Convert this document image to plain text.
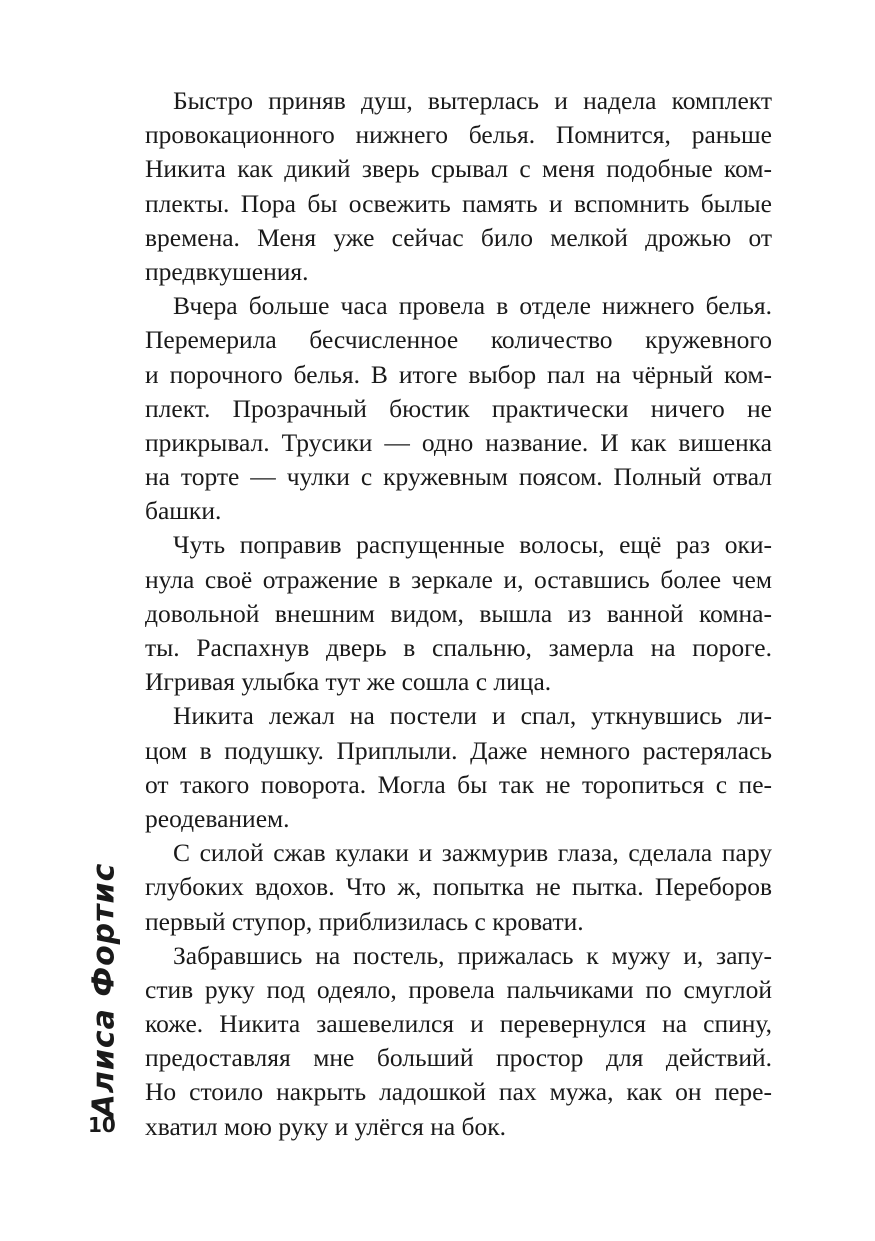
Алиса Фортис
10

Быстро приняв душ, вытерлась и надела комплект
провокационного нижнего белья. Помнится, раньше
Никита как дикий зверь срывал с меня подобные ком-
плекты. Пора бы освежить память и вспомнить былые
времена. Меня уже сейчас било мелкой дрожью от
предвкушения.

Вчера больше часа провела в отделе нижнего белья.
Перемерила бесчисленное количество кружевного
и порочного белья. В итоге выбор пал на чёрный ком-
плект. Прозрачный бюстик практически ничего не
прикрывал. Трусики — одно название. И как вишенка
на торте — чулки с кружевным поясом. Полный отвал
башки.

Чуть поправив распущенные волосы, ещё раз оки-
нула своё отражение в зеркале и, оставшись более чем
довольной внешним видом, вышла из ванной комна-
ты. Распахнув дверь в спальню, замерла на пороге.
Игривая улыбка тут же сошла с лица.

Никита лежал на постели и спал, уткнувшись ли-
цом в подушку. Приплыли. Даже немного растерялась
от такого поворота. Могла бы так не торопиться с пе-
реодеванием.

С силой сжав кулаки и зажмурив глаза, сделала пару
глубоких вдохов. Что ж, попытка не пытка. Переборов
первый ступор, приблизилась с кровати.

Забравшись на постель, прижалась к мужу и, запу-
стив руку под одеяло, провела пальчиками по смуглой
коже. Никита зашевелился и перевернулся на спину,
предоставляя мне больший простор для действий.
Но стоило накрыть ладошкой пах мужа, как он пере-
хватил мою руку и улёгся на бок.
